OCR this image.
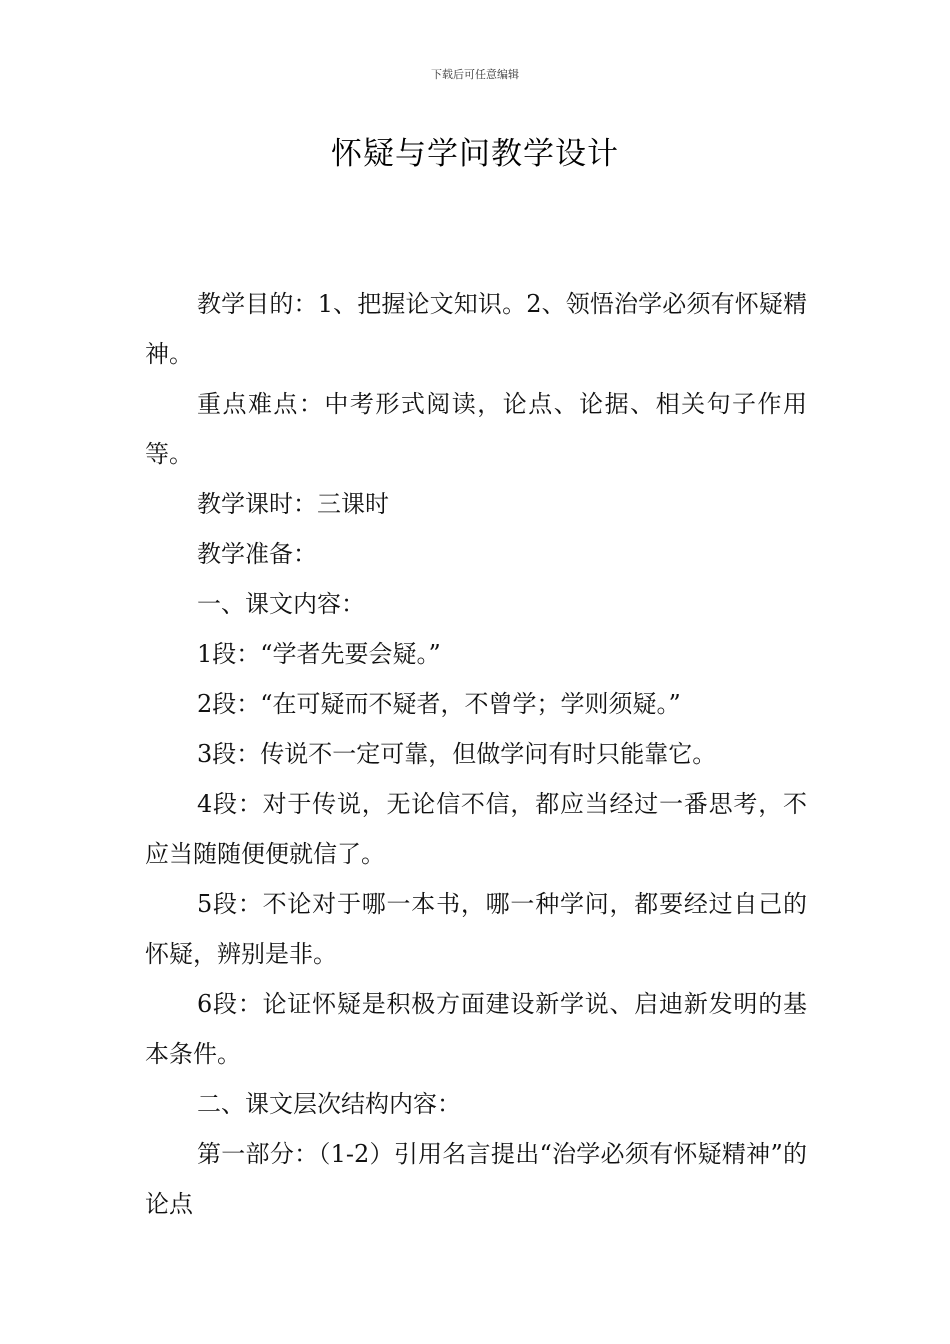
下载后可任意编辑
怀疑与学问教学设计

教学目的：1、把握论文知识。2、领悟治学必须有怀疑精神。

重点难点：中考形式阅读，论点、论据、相关句子作用等。

教学课时：三课时

教学准备：

一、课文内容：

1段：“学者先要会疑。”

2段：“在可疑而不疑者，不曾学；学则须疑。”

3段：传说不一定可靠，但做学问有时只能靠它。

4段：对于传说，无论信不信，都应当经过一番思考，不应当随随便便就信了。

5段：不论对于哪一本书，哪一种学问，都要经过自己的怀疑，辨别是非。

6段：论证怀疑是积极方面建设新学说、启迪新发明的基本条件。

二、课文层次结构内容：

第一部分：（1-2）引用名言提出“治学必须有怀疑精神”的论点
